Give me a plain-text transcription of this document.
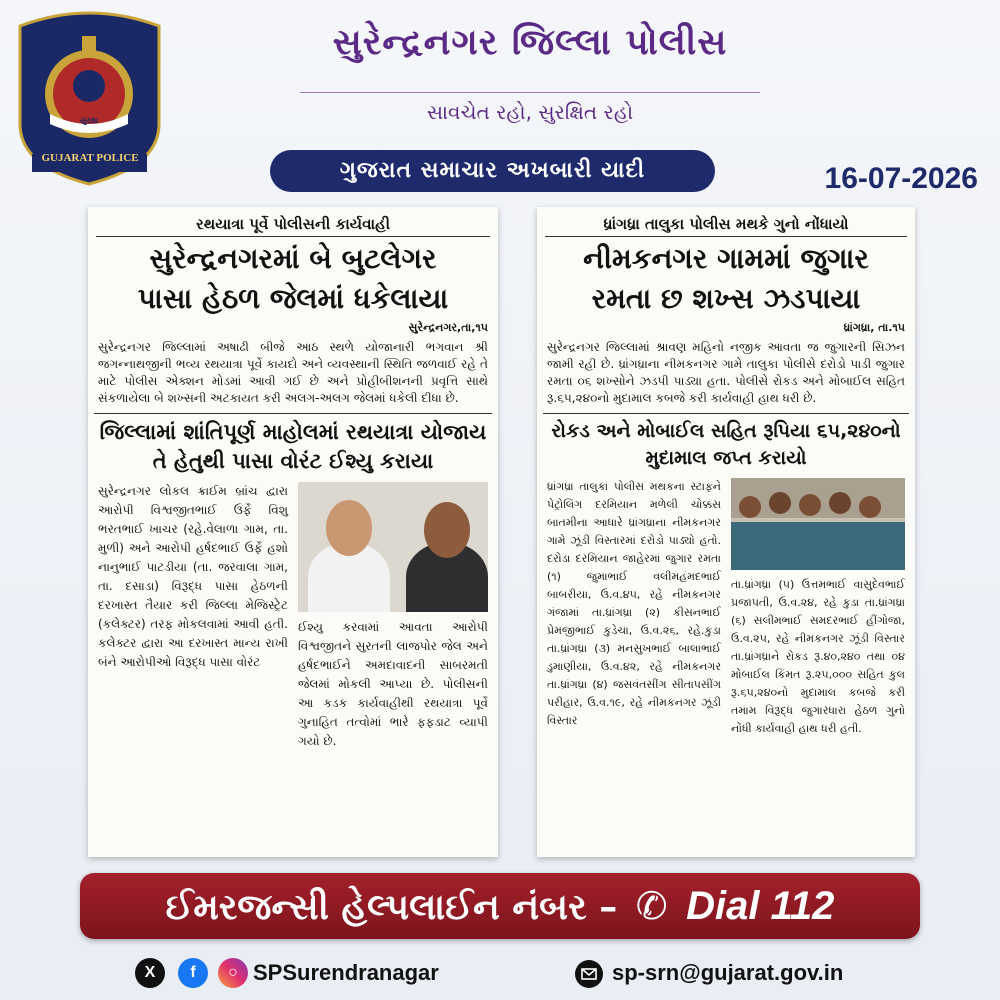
GUJARAT POLICE
સેવા	સુરક્ષા	શાંતિ
સુરેન્દ્રનગર જિલ્લા પોલીસ
સાવચેત રહો, સુરક્ષિત રહો
ગુજરાત સમાચાર અખબારી યાદી	16-07-2026
રથયાત્રા પૂર્વે પોલીસની કાર્યવાહી
સુરેન્દ્રનગરમાં બે બુટલેગર
પાસા હેઠળ જેલમાં ધકેલાયા
સુરેન્દ્રનગર,તા,૧૫
સુરેન્દ્રનગર જિલ્લામાં અષાઢી બીજે આઠ સ્થળે યોજાનારી ભગવાન શ્રી જગન્નાથજીની ભવ્ય રથયાત્રા પૂર્વે કાયદો અને વ્યવસ્થાની સ્થિતિ જળવાઈ રહે તે માટે પોલીસ એક્શન મોડમાં આવી ગઈ છે અને પ્રોહીબીશનની પ્રવૃત્તિ સાથે સંકળાયેલા બે શખ્સની અટકાયત કરી અલગ-અલગ જેલમાં ધકેલી દીધા છે.
જિલ્લામાં શાંતિપૂર્ણ માહોલમાં રથયાત્રા યોજાય તે હેતુથી પાસા વોરંટ ઈશ્યુ કરાયા
સુરેન્દ્રનગર લોકલ ક્રાઈમ બ્રાંચ દ્વારા આરોપી વિશ્વજીતભાઈ ઉર્ફે વિશુ ભરતભાઈ ખાચર (રહે.વેલાળા ગામ, તા. મુળી) અને આરોપી હર્ષદભાઈ ઉર્ફે હશો નાનુભાઈ પાટડીયા (તા. જરવાલા ગામ, તા. દસાડા) વિરૂદ્ધ પાસા હેઠળની દરખાસ્ત તૈયાર કરી જિલ્લા મેજિસ્ટ્રેટ (કલેક્ટર) તરફ મોકલવામાં આવી હતી. કલેક્ટર દ્વારા આ દરખાસ્ત માન્ય રાખી બંને આરોપીઓ વિરૂદ્ધ પાસા વોરંટ
ઈશ્યુ કરવામાં આવતા આરોપી વિશ્વજીતને સુરતની લાજપોર જેલ અને હર્ષદભાઈને અમદાવાદની સાબરમતી જેલમાં મોકલી આપ્યા છે. પોલીસની આ કડક કાર્યવાહીથી રથયાત્રા પૂર્વે ગુનાહિત તત્વોમાં ભારે ફફડાટ વ્યાપી ગયો છે.
ધ્રાંગધ્રા તાલુકા પોલીસ મથકે ગુનો નોંધાયો
નીમકનગર ગામમાં જુગાર
રમતા છ શખ્સ ઝડપાયા
ધ્રાંગધ્રા, તા.૧૫
સુરેન્દ્રનગર જિલ્લામાં શ્રાવણ મહિનો નજીક આવતા જ જુગારની સિઝન જામી રહી છે. ધ્રાંગધ્રાના નીમકનગર ગામે તાલુકા પોલીસે દરોડો પાડી જુગાર રમતા ૦૬ શખ્સોને ઝડપી પાડ્યા હતા. પોલીસે રોકડ અને મોબાઈલ સહિત રૂ.૬૫,૨૪૦નો મુદામાલ કબજે કરી કાર્યવાહી હાથ ધરી છે.
રોકડ અને મોબાઈલ સહિત રૂપિયા ૬૫,૨૪૦નો મુદામાલ જપ્ત કરાયો
ધ્રાંગધ્રા તાલુકા પોલીસ મથકના સ્ટાફને પેટ્રોલિંગ દરમિયાન મળેલી ચોક્કસ બાતમીના આધારે ધ્રાંગધ્રાના નીમકનગર ગામે ઝૂંડી વિસ્તારમાં દરોડો પાડ્યો હતો. દરોડા દરમિયાન જાહેરમાં જુગાર રમતા (૧) જુમાભાઈ વલીમહંમદભાઈ બાબરીયા, ઉ.વ.૪૫, રહે નીમકનગર ગંજામાં તા.ધ્રાંગધ્રા (૨) કીસનભાઈ પ્રેમજીભાઈ કુડેચા, ઉ.વ.૨૬, રહે.કુડા તા.ધ્રાંગધ્રા (૩) મનસુખભાઈ બાલાભાઈ ડુમાણીયા, ઉ.વ.૪૨, રહે નીમકનગર તા.ધ્રાંગધ્રા (૪) જસવંતસીંગ સીતાપસીંગ પરીહાર, ઉ.વ.૧૯, રહે નીમકનગર ઝૂંડી વિસ્તાર
તા.ધ્રાંગધ્રા (૫) ઉત્તમભાઈ વાસુદેવભાઈ પ્રજાપતી, ઉ.વ.૨૪, રહે કુડા તા.ધ્રાંગધ્રા (૬) સલીમભાઈ સમદરભાઈ હીંગોજા, ઉ.વ.૨૫, રહે નીમકનગર ઝૂંડી વિસ્તાર તા.ધ્રાંગધ્રાને રોકડ રૂ.૪૦,૨૪૦ તથા ૦૪ મોબાઈલ કિંમત રૂ.૨૫,૦૦૦ સહિત કુલ રૂ.૬૫,૨૪૦નો મુદામાલ કબજે કરી તમામ વિરૂદ્ધ જુગારધારા હેઠળ ગુનો નોંધી કાર્યવાહી હાથ ધરી હતી.
ઈમરજન્સી હેલ્પલાઈન નંબર – ✆ Dial 112
X	f	○ SPSurendranagar	sp-srn@gujarat.gov.in
